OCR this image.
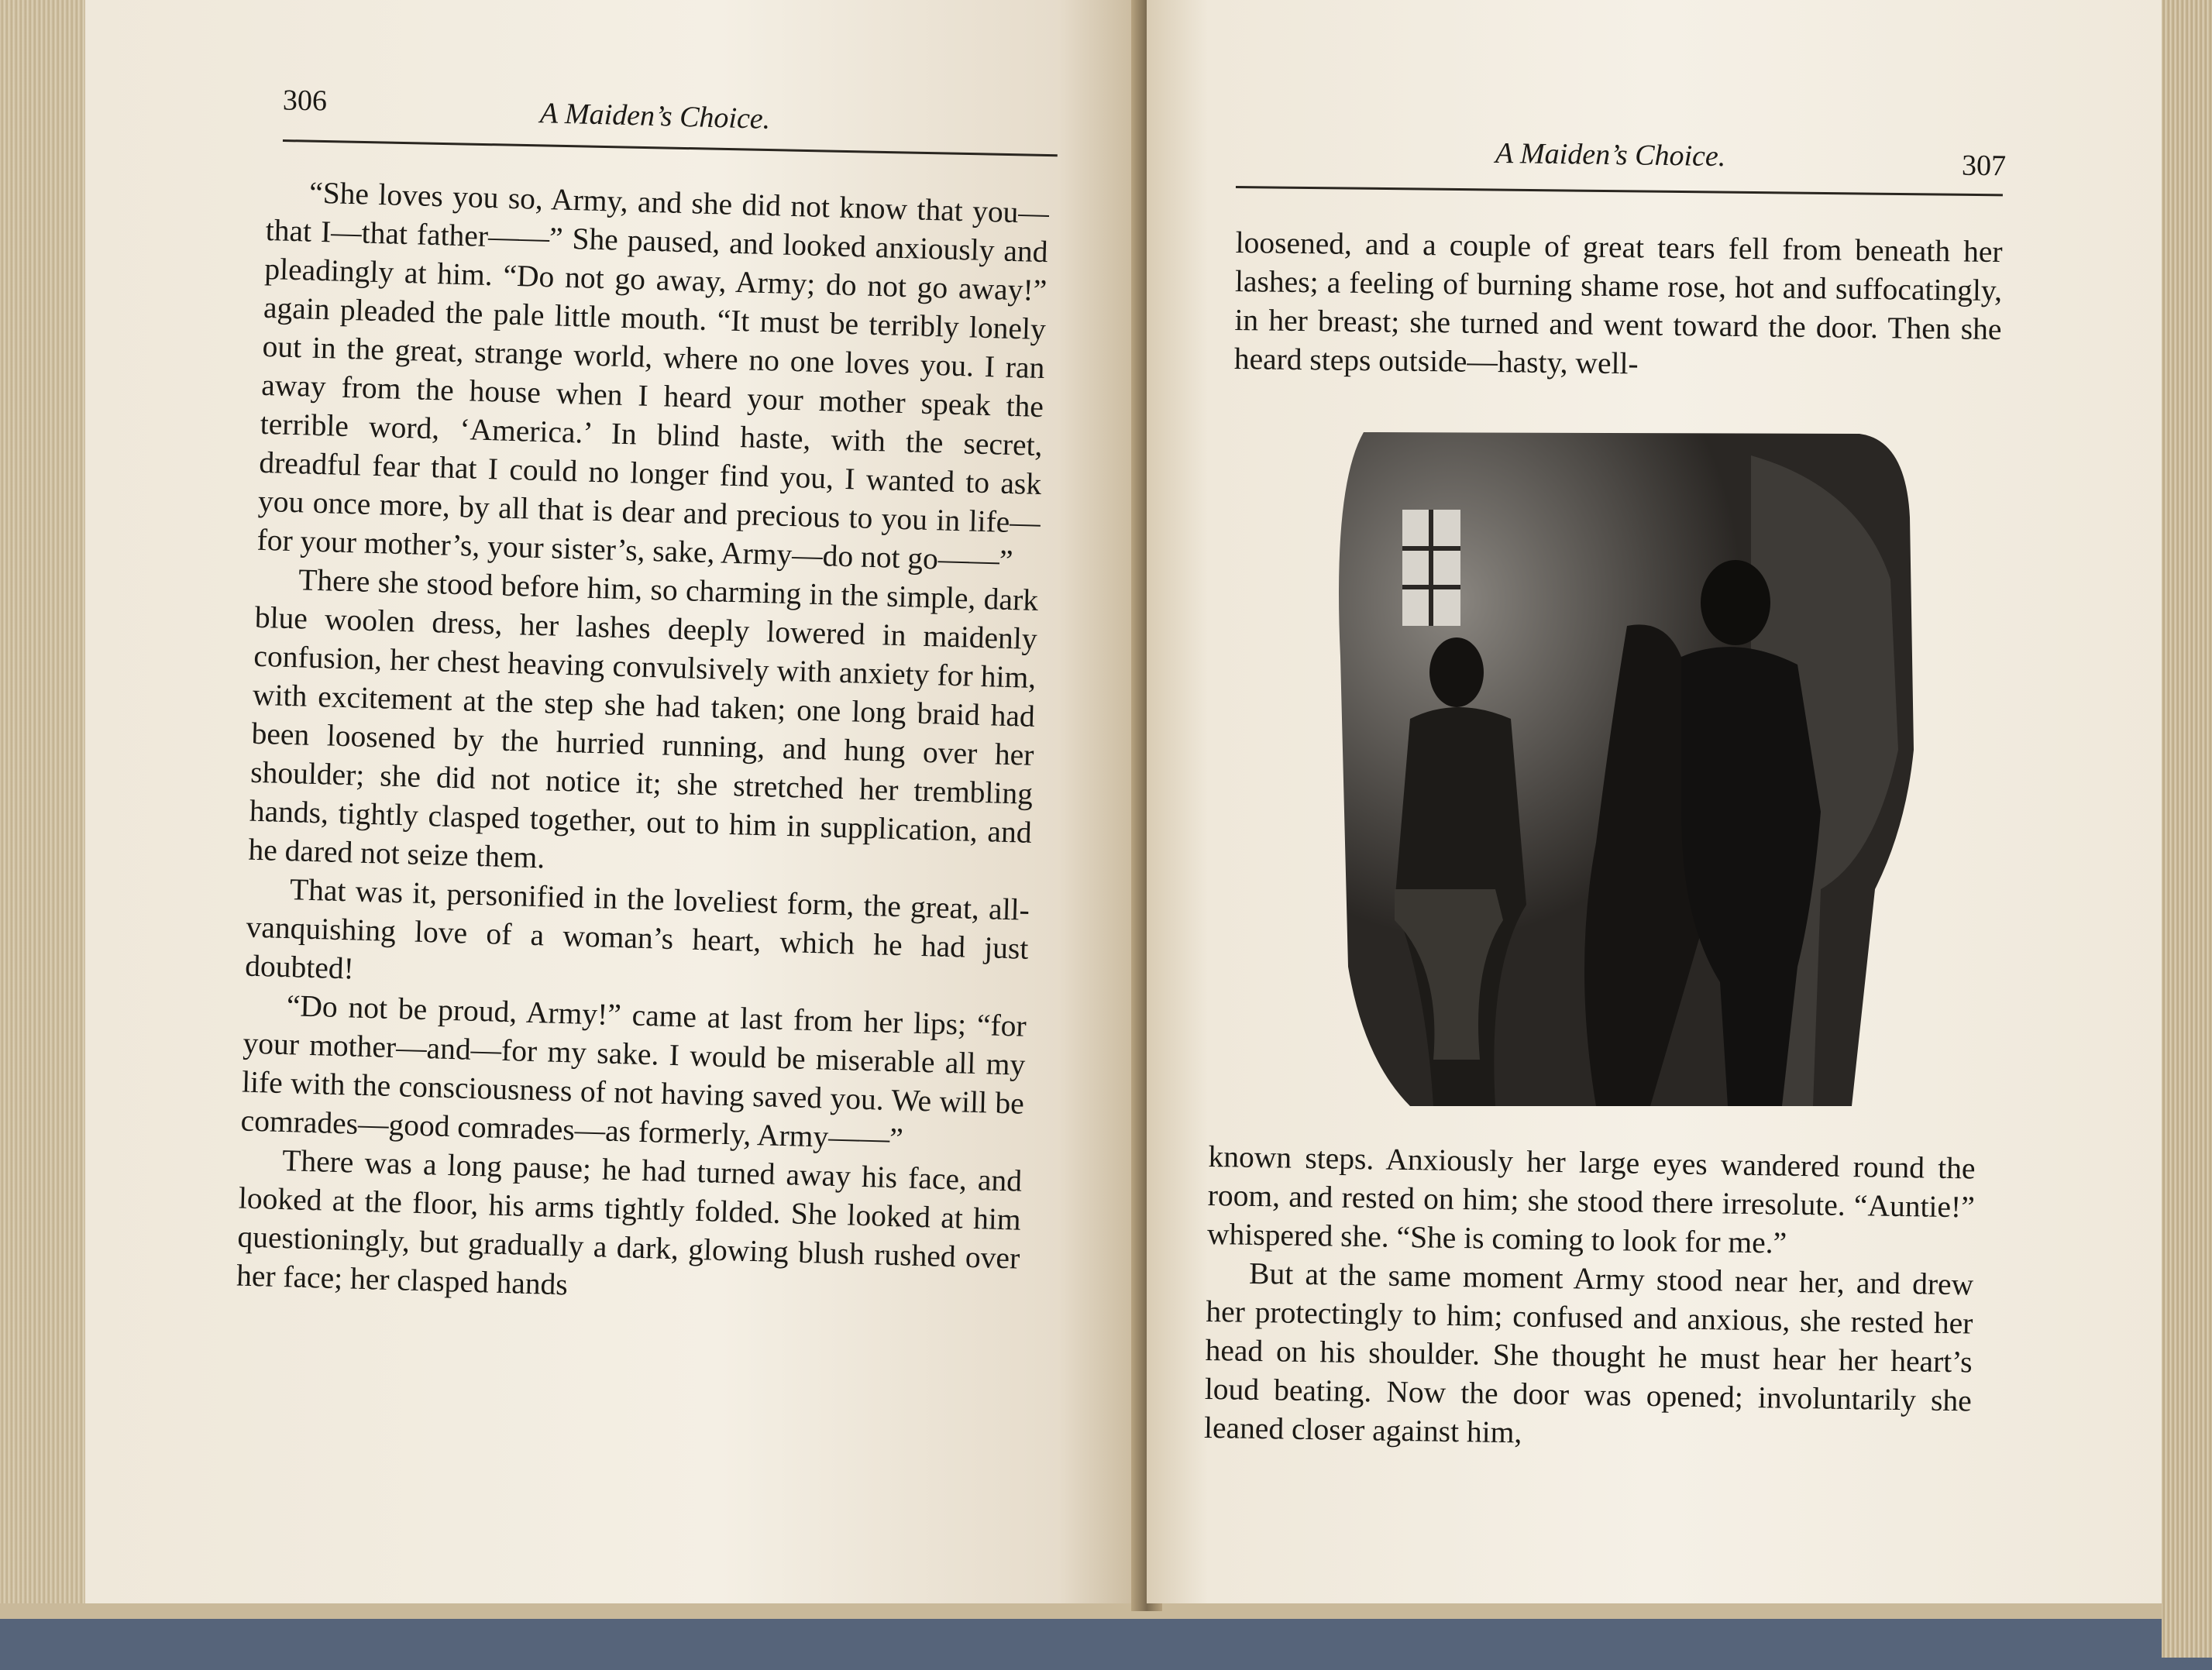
306	A Maiden’s Choice.

“She loves you so, Army, and she did not know that you—that I—that father——” She paused, and looked anxiously and pleadingly at him. “Do not go away, Army; do not go away!” again pleaded the pale little mouth. “It must be terribly lonely out in the great, strange world, where no one loves you. I ran away from the house when I heard your mother speak the terrible word, ‘America.’ In blind haste, with the secret, dreadful fear that I could no longer find you, I wanted to ask you once more, by all that is dear and precious to you in life—for your mother’s, your sister’s, sake, Army—do not go——”

There she stood before him, so charming in the simple, dark blue woolen dress, her lashes deeply lowered in maidenly confusion, her chest heaving convulsively with anxiety for him, with excitement at the step she had taken; one long braid had been loosened by the hurried running, and hung over her shoulder; she did not notice it; she stretched her trembling hands, tightly clasped together, out to him in supplication, and he dared not seize them.

That was it, personified in the loveliest form, the great, all-vanquishing love of a woman’s heart, which he had just doubted!

“Do not be proud, Army!” came at last from her lips; “for your mother—and—for my sake. I would be miserable all my life with the consciousness of not having saved you. We will be comrades—good comrades—as formerly, Army——”

There was a long pause; he had turned away his face, and looked at the floor, his arms tightly folded. She looked at him questioningly, but gradually a dark, glowing blush rushed over her face; her clasped hands

A Maiden’s Choice.	307

loosened, and a couple of great tears fell from beneath her lashes; a feeling of burning shame rose, hot and suffocatingly, in her breast; she turned and went toward the door. Then she heard steps outside—hasty, well-

known steps. Anxiously her large eyes wandered round the room, and rested on him; she stood there irresolute. “Auntie!” whispered she. “She is coming to look for me.”

But at the same moment Army stood near her, and drew her protectingly to him; confused and anxious, she rested her head on his shoulder. She thought he must hear her heart’s loud beating. Now the door was opened; involuntarily she leaned closer against him,
